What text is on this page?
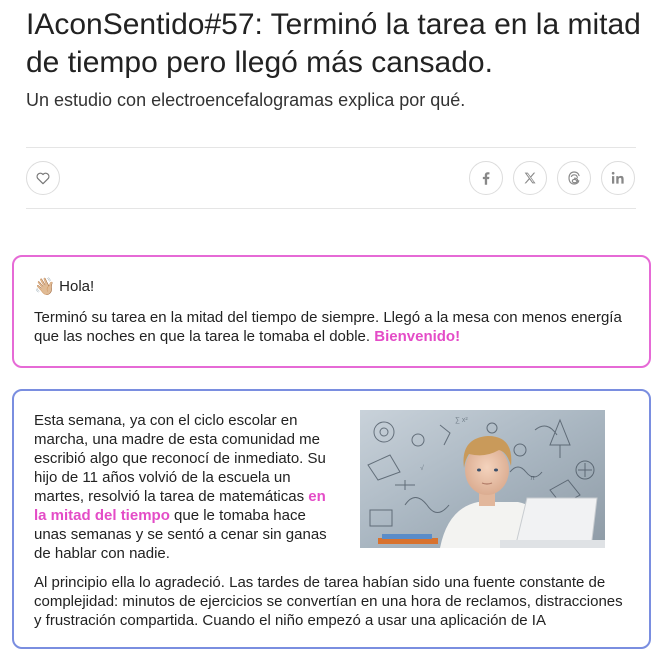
IAconSentido#57: Terminó la tarea en la mitad de tiempo pero llegó más cansado.

Un estudio con electroencefalogramas explica por qué.

👋🏼 Hola!

Terminó su tarea en la mitad del tiempo de siempre. Llegó a la mesa con menos energía que las noches en que la tarea le tomaba el doble. Bienvenido!

Esta semana, ya con el ciclo escolar en marcha, una madre de esta comunidad me escribió algo que reconocí de inmediato. Su hijo de 11 años volvió de la escuela un martes, resolvió la tarea de matemáticas en la mitad del tiempo que le tomaba hace unas semanas y se sentó a cenar sin ganas de hablar con nadie.

∑ x²
π
√

Al principio ella lo agradeció. Las tardes de tarea habían sido una fuente constante de complejidad: minutos de ejercicios se convertían en una hora de reclamos, distracciones y frustración compartida. Cuando el niño empezó a usar una aplicación de IA
